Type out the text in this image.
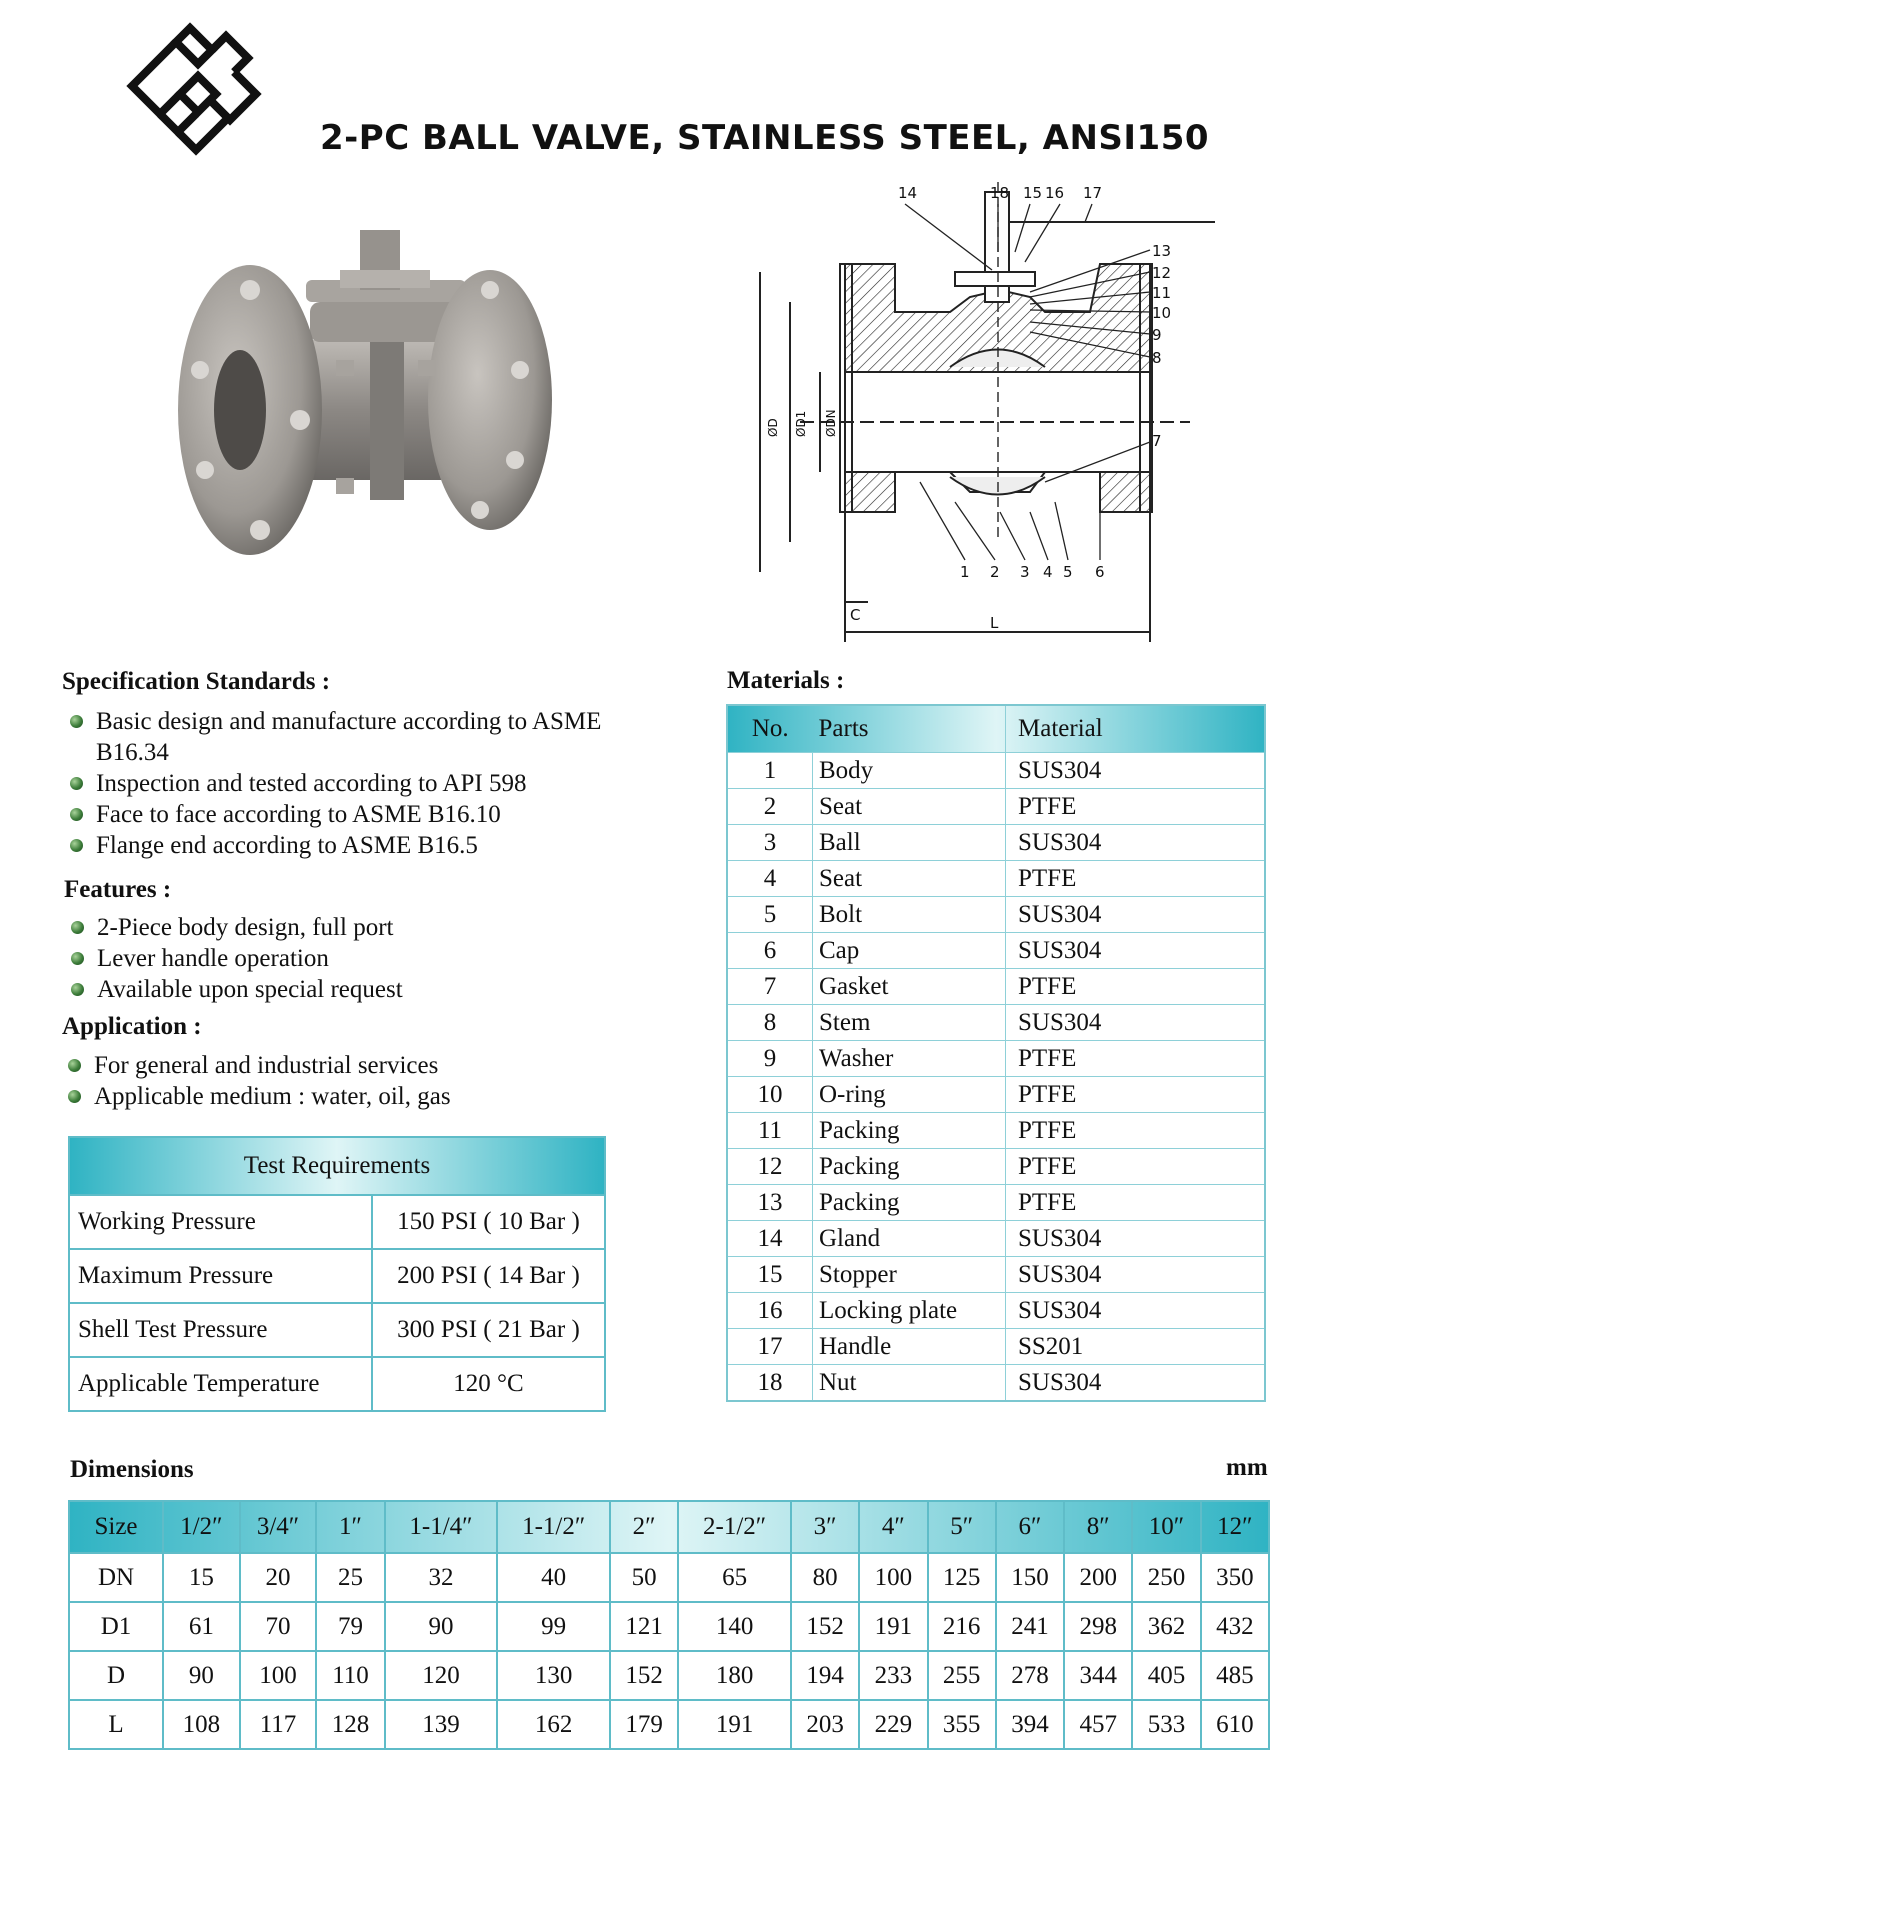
2-PC BALL VALVE, STAINLESS STEEL, ANSI150
14	18 15 16 17
13
12
11
10
9
8
7
1 2 3 4 5 6
C	L
ØD ØD1 ØDN
Specification Standards :
Basic design and manufacture according to ASME B16.34
Inspection and tested according to API 598
Face to face according to ASME B16.10
Flange end according to ASME B16.5
Features :
2-Piece body design, full port
Lever handle operation
Available upon special request
Application :
For general and industrial services
Applicable medium : water, oil, gas
Test Requirements	
Working Pressure	150 PSI ( 10 Bar )
Maximum Pressure	200 PSI ( 14 Bar )
Shell Test Pressure	300 PSI ( 21 Bar )
Applicable Temperature	120 °C
Materials :
No.	Parts	Material
1	Body	SUS304
2	Seat	PTFE
3	Ball	SUS304
4	Seat	PTFE
5	Bolt	SUS304
6	Cap	SUS304
7	Gasket	PTFE
8	Stem	SUS304
9	Washer	PTFE
10	O-ring	PTFE
11	Packing	PTFE
12	Packing	PTFE
13	Packing	PTFE
14	Gland	SUS304
15	Stopper	SUS304
16	Locking plate	SUS304
17	Handle	SS201
18	Nut	SUS304
Dimensions	mm
Size	1/2″	3/4″	1″	1-1/4″	1-1/2″	2″	2-1/2″	3″	4″	5″	6″	8″	10″	12″
DN	15	20	25	32	40	50	65	80	100	125	150	200	250	350
D1	61	70	79	90	99	121	140	152	191	216	241	298	362	432
D	90	100	110	120	130	152	180	194	233	255	278	344	405	485
L	108	117	128	139	162	179	191	203	229	355	394	457	533	610
